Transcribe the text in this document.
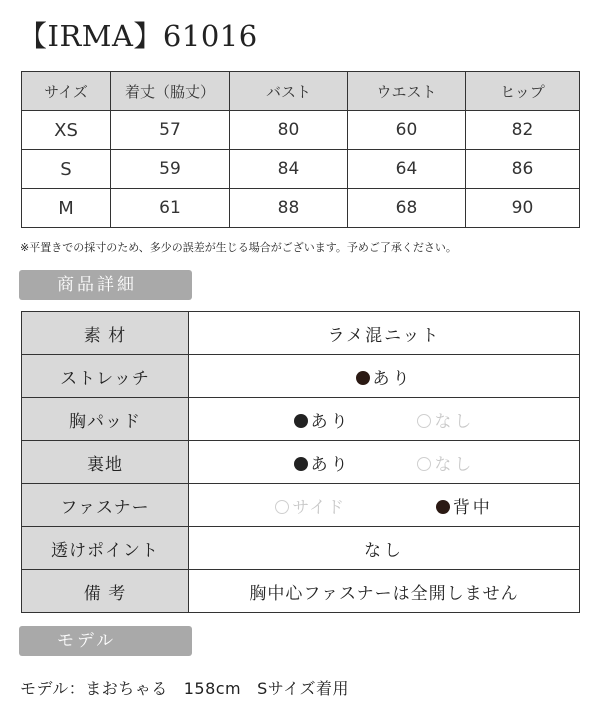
【IRMA】61016
サイズ	着丈（脇丈）	バスト	ウエスト	ヒップ
XS	57	80	60	82
S	59	84	64	86
M	61	88	68	90
※平置きでの採寸のため、多少の誤差が生じる場合がございます。予めご了承ください。
商品詳細
素 材	ラメ混ニット
ストレッチ	あり
胸パッド	あり なし
裏地	あり なし
ファスナー	サイド 背中
透けポイント	なし
備 考	胸中心ファスナーは全開しません
モデル
モデル：まおちゃる 158cm Sサイズ着用
